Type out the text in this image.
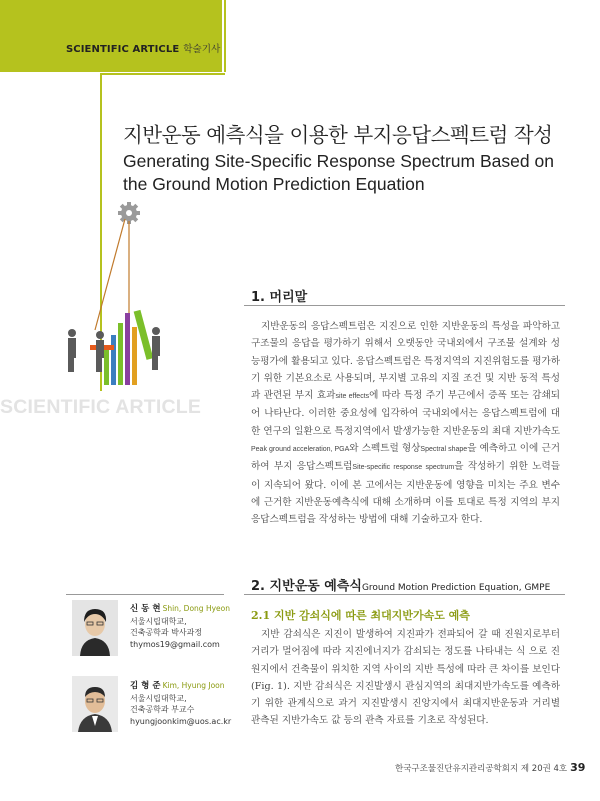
SCIENTIFIC ARTICLE 학술기사
지반운동 예측식을 이용한 부지응답스펙트럼 작성
Generating Site-Specific Response Spectrum Based on the Ground Motion Prediction Equation
SCIENTIFIC ARTICLE
1. 머리말
지반운동의 응답스펙트럼은 지진으로 인한 지반운동의 특성을 파악하고 구조물의 응답을 평가하기 위해서 오랫동안 국내외에서 구조물 설계와 성능평가에 활용되고 있다. 응답스펙트럼은 특정지역의 지진위험도를 평가하기 위한 기본요소로 사용되며, 부지별 고유의 지질 조건 및 지반 동적 특성과 관련된 부지 효과site effects에 따라 특정 주기 부근에서 증폭 또는 감쇄되어 나타난다. 이러한 중요성에 입각하여 국내외에서는 응답스펙트럼에 대한 연구의 일환으로 특정지역에서 발생가능한 지반운동의 최대 지반가속도Peak ground acceleration, PGA와 스펙트럴 형상Spectral shape을 예측하고 이에 근거하여 부지 응답스펙트럼Site-specific response spectrum을 작성하기 위한 노력들이 지속되어 왔다. 이에 본 고에서는 지반운동에 영향을 미치는 주요 변수에 근거한 지반운동예측식에 대해 소개하며 이를 토대로 특정 지역의 부지응답스펙트럼을 작성하는 방법에 대해 기술하고자 한다.
2. 지반운동 예측식Ground Motion Prediction Equation, GMPE
2.1 지반 감쇠식에 따른 최대지반가속도 예측
지반 감쇠식은 지진이 발생하여 지진파가 전파되어 갈 때 진원지로부터 거리가 멀어짐에 따라 지진에너지가 감쇠되는 정도를 나타내는 식 으로 진원지에서 건축물이 위치한 지역 사이의 지반 특성에 따라 큰 차이를 보인다(Fig. 1). 지반 감쇠식은 지진발생시 관심지역의 최대지반가속도를 예측하기 위한 관계식으로 과거 지진발생시 진앙지에서 최대지반운동과 거리별 관측된 지반가속도 값 등의 관측 자료를 기초로 작성된다.
신 동 현 Shin, Dong Hyeon
서울시립대학교,
건축공학과 박사과정
thymos19@gmail.com
김 형 준 Kim, Hyung Joon
서울시립대학교,
건축공학과 부교수
hyungjoonkim@uos.ac.kr
한국구조물진단유지관리공학회지 제 20권 4호 39
